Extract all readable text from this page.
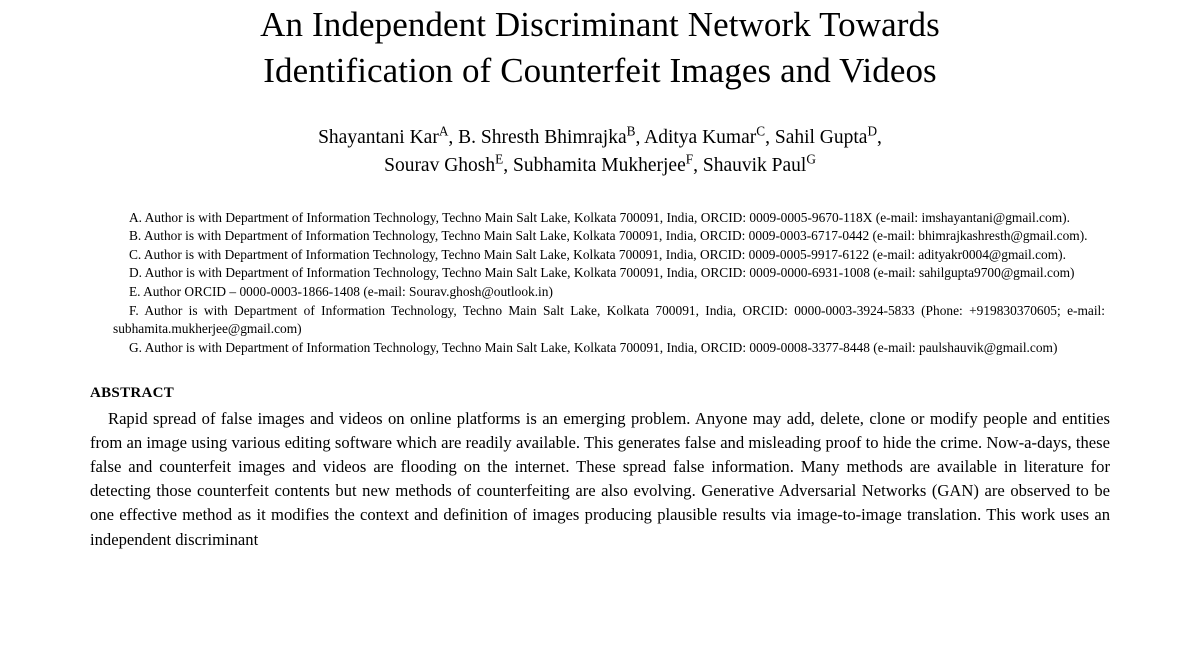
An Independent Discriminant Network Towards
Identification of Counterfeit Images and Videos
Shayantani Kar$^A$, B. Shresth Bhimrajka$^B$, Aditya Kumar$^C$, Sahil Gupta$^D$,
Sourav Ghosh$^E$, Subhamita Mukherjee$^F$, Shauvik Paul$^G$
A. Author is with Department of Information Technology, Techno Main Salt Lake, Kolkata 700091, India, ORCID: 0009-0005-9670-118X (e-mail: imshayantani@gmail.com).
B. Author is with Department of Information Technology, Techno Main Salt Lake, Kolkata 700091, India, ORCID: 0009-0003-6717-0442 (e-mail: bhimrajkashresth@gmail.com).
C. Author is with Department of Information Technology, Techno Main Salt Lake, Kolkata 700091, India, ORCID: 0009-0005-9917-6122 (e-mail: adityakr0004@gmail.com).
D. Author is with Department of Information Technology, Techno Main Salt Lake, Kolkata 700091, India, ORCID: 0009-0000-6931-1008 (e-mail: sahilgupta9700@gmail.com)
E. Author ORCID – 0000-0003-1866-1408 (e-mail: Sourav.ghosh@outlook.in)
F. Author is with Department of Information Technology, Techno Main Salt Lake, Kolkata 700091, India, ORCID: 0000-0003-3924-5833 (Phone: +919830370605; e-mail: subhamita.mukherjee@gmail.com)
G. Author is with Department of Information Technology, Techno Main Salt Lake, Kolkata 700091, India, ORCID: 0009-0008-3377-8448 (e-mail: paulshauvik@gmail.com)
ABSTRACT
Rapid spread of false images and videos on online platforms is an emerging problem. Anyone may add, delete, clone or modify people and entities from an image using various editing software which are readily available. This generates false and misleading proof to hide the crime. Now-a-days, these false and counterfeit images and videos are flooding on the internet. These spread false information. Many methods are available in literature for detecting those counterfeit contents but new methods of counterfeiting are also evolving. Generative Adversarial Networks (GAN) are observed to be one effective method as it modifies the context and definition of images producing plausible results via image-to-image translation. This work uses an independent discriminant
